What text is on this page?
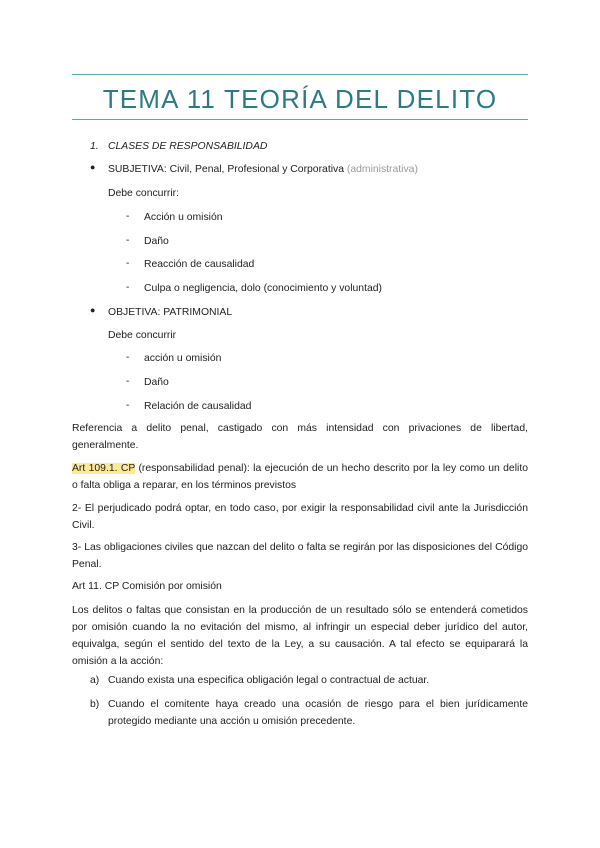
TEMA 11 TEORÍA DEL DELITO
1. CLASES DE RESPONSABILIDAD
● SUBJETIVA: Civil, Penal, Profesional y Corporativa (administrativa)
Debe concurrir:
- Acción u omisión
- Daño
- Reacción de causalidad
- Culpa o negligencia, dolo (conocimiento y voluntad)
● OBJETIVA: PATRIMONIAL
Debe concurrir
- acción u omisión
- Daño
- Relación de causalidad
Referencia a delito penal, castigado con más intensidad con privaciones de libertad, generalmente.
Art 109.1. CP (responsabilidad penal): la ejecución de un hecho descrito por la ley como un delito o falta obliga a reparar, en los términos previstos
2- El perjudicado podrá optar, en todo caso, por exigir la responsabilidad civil ante la Jurisdicción Civil.
3- Las obligaciones civiles que nazcan del delito o falta se regirán por las disposiciones del Código Penal.
Art 11. CP Comisión por omisión
Los delitos o faltas que consistan en la producción de un resultado sólo se entenderá cometidos por omisión cuando la no evitación del mismo, al infringir un especial deber jurídico del autor, equivalga, según el sentido del texto de la Ley, a su causación. A tal efecto se equiparará la omisión a la acción:
a) Cuando exista una especifica obligación legal o contractual de actuar.
b) Cuando el comitente haya creado una ocasión de riesgo para el bien jurídicamente protegido mediante una acción u omisión precedente.
